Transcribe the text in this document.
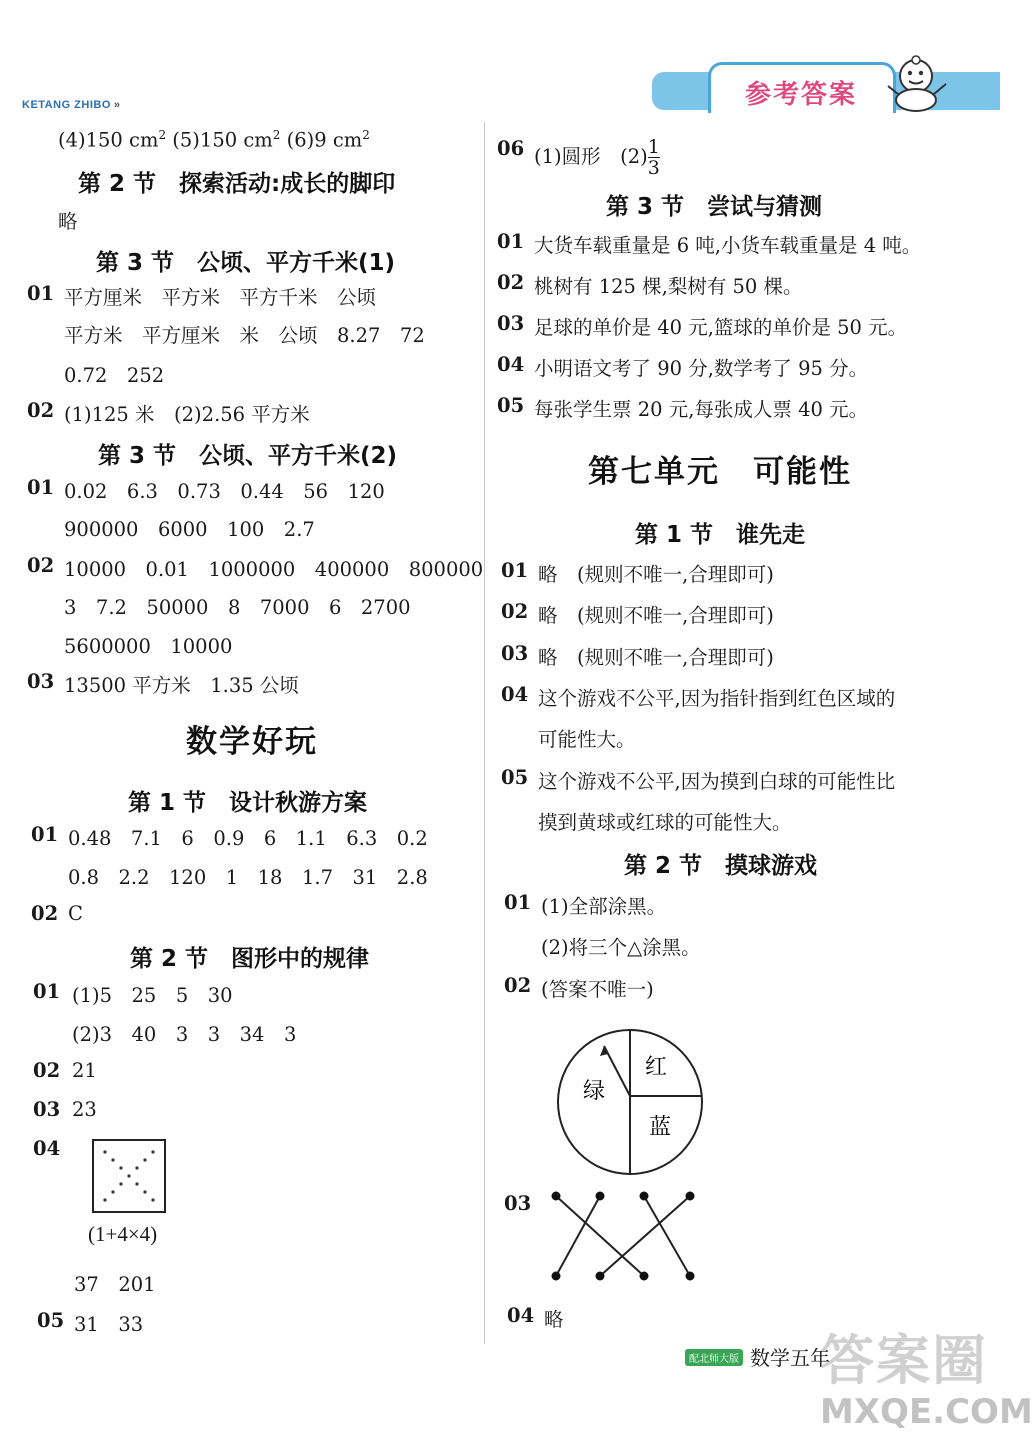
KETANG ZHIBO »	参考答案
(4)150 $cm^2$ (5)150 $cm^2$ (6)9 $cm^2$
第 2 节　探索活动:成长的脚印
略
第 3 节　公顷、平方千米(1)
01 平方厘米　平方米　平方千米　公顷
平方米　平方厘米　米　公顷　8.27　72
0.72　252
02 (1)125 米　(2)2.56 平方米
第 3 节　公顷、平方千米(2)
01 0.02　6.3　0.73　0.44　56　120
900000　6000　100　2.7
02 10000　0.01　1000000　400000　800000
3　7.2　50000　8　7000　6　2700
5600000　10000
03 13500 平方米　1.35 公顷
数学好玩
第 1 节　设计秋游方案
01 0.48　7.1　6　0.9　6　1.1　6.3　0.2
0.8　2.2　120　1　18　1.7　31　2.8
02 C
第 2 节　图形中的规律
01 (1)5　25　5　30
(2)3　40　3　3　34　3
02 21
03 23
04
(1+4×4)
37　201
05 31　33
06 (1)圆形　$(2)\frac{1}{3}$
第 3 节　尝试与猜测
01 大货车载重量是 6 吨,小货车载重量是 4 吨。
02 桃树有 125 棵,梨树有 50 棵。
03 足球的单价是 40 元,篮球的单价是 50 元。
04 小明语文考了 90 分,数学考了 95 分。
05 每张学生票 20 元,每张成人票 40 元。
第七单元　可能性
第 1 节　谁先走
01 略　(规则不唯一,合理即可)
02 略　(规则不唯一,合理即可)
03 略　(规则不唯一,合理即可)
04 这个游戏不公平,因为指针指到红色区域的
可能性大。
05 这个游戏不公平,因为摸到白球的可能性比
摸到黄球或红球的可能性大。
第 2 节　摸球游戏
01 (1)全部涂黑。
(2)将三个△涂黑。
02 (答案不唯一)
红
绿
蓝
03
04 略
配北师大版 数学五年
答案圈
MXQE.COM
